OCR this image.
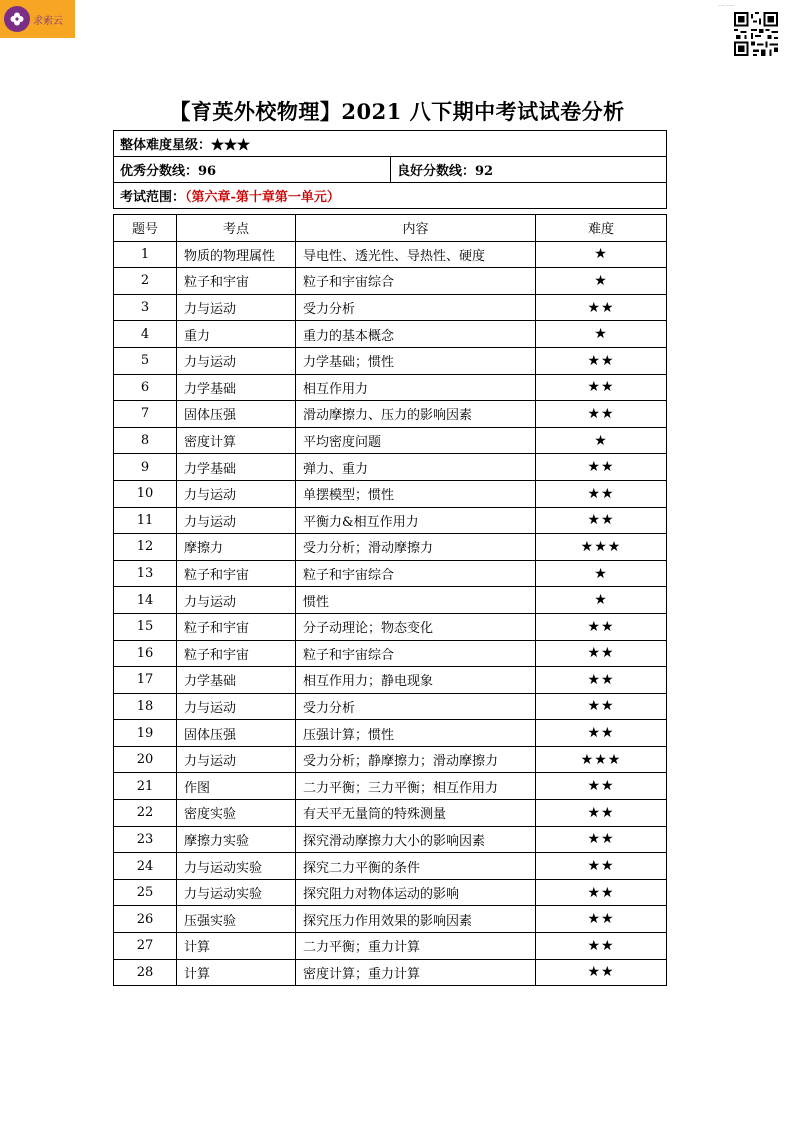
求索云
·············
【育英外校物理】2021 八下期中考试试卷分析
整体难度星级：★★★
优秀分数线：96	良好分数线：92
考试范围：（第六章-第十章第一单元）
题号	考点	内容	难度
1	物质的物理属性	导电性、透光性、导热性、硬度	★
2	粒子和宇宙	粒子和宇宙综合	★
3	力与运动	受力分析	★★
4	重力	重力的基本概念	★
5	力与运动	力学基础；惯性	★★
6	力学基础	相互作用力	★★
7	固体压强	滑动摩擦力、压力的影响因素	★★
8	密度计算	平均密度问题	★
9	力学基础	弹力、重力	★★
10	力与运动	单摆模型；惯性	★★
11	力与运动	平衡力&相互作用力	★★
12	摩擦力	受力分析；滑动摩擦力	★★★
13	粒子和宇宙	粒子和宇宙综合	★
14	力与运动	惯性	★
15	粒子和宇宙	分子动理论；物态变化	★★
16	粒子和宇宙	粒子和宇宙综合	★★
17	力学基础	相互作用力；静电现象	★★
18	力与运动	受力分析	★★
19	固体压强	压强计算；惯性	★★
20	力与运动	受力分析；静摩擦力；滑动摩擦力	★★★
21	作图	二力平衡；三力平衡；相互作用力	★★
22	密度实验	有天平无量筒的特殊测量	★★
23	摩擦力实验	探究滑动摩擦力大小的影响因素	★★
24	力与运动实验	探究二力平衡的条件	★★
25	力与运动实验	探究阻力对物体运动的影响	★★
26	压强实验	探究压力作用效果的影响因素	★★
27	计算	二力平衡；重力计算	★★
28	计算	密度计算；重力计算	★★
